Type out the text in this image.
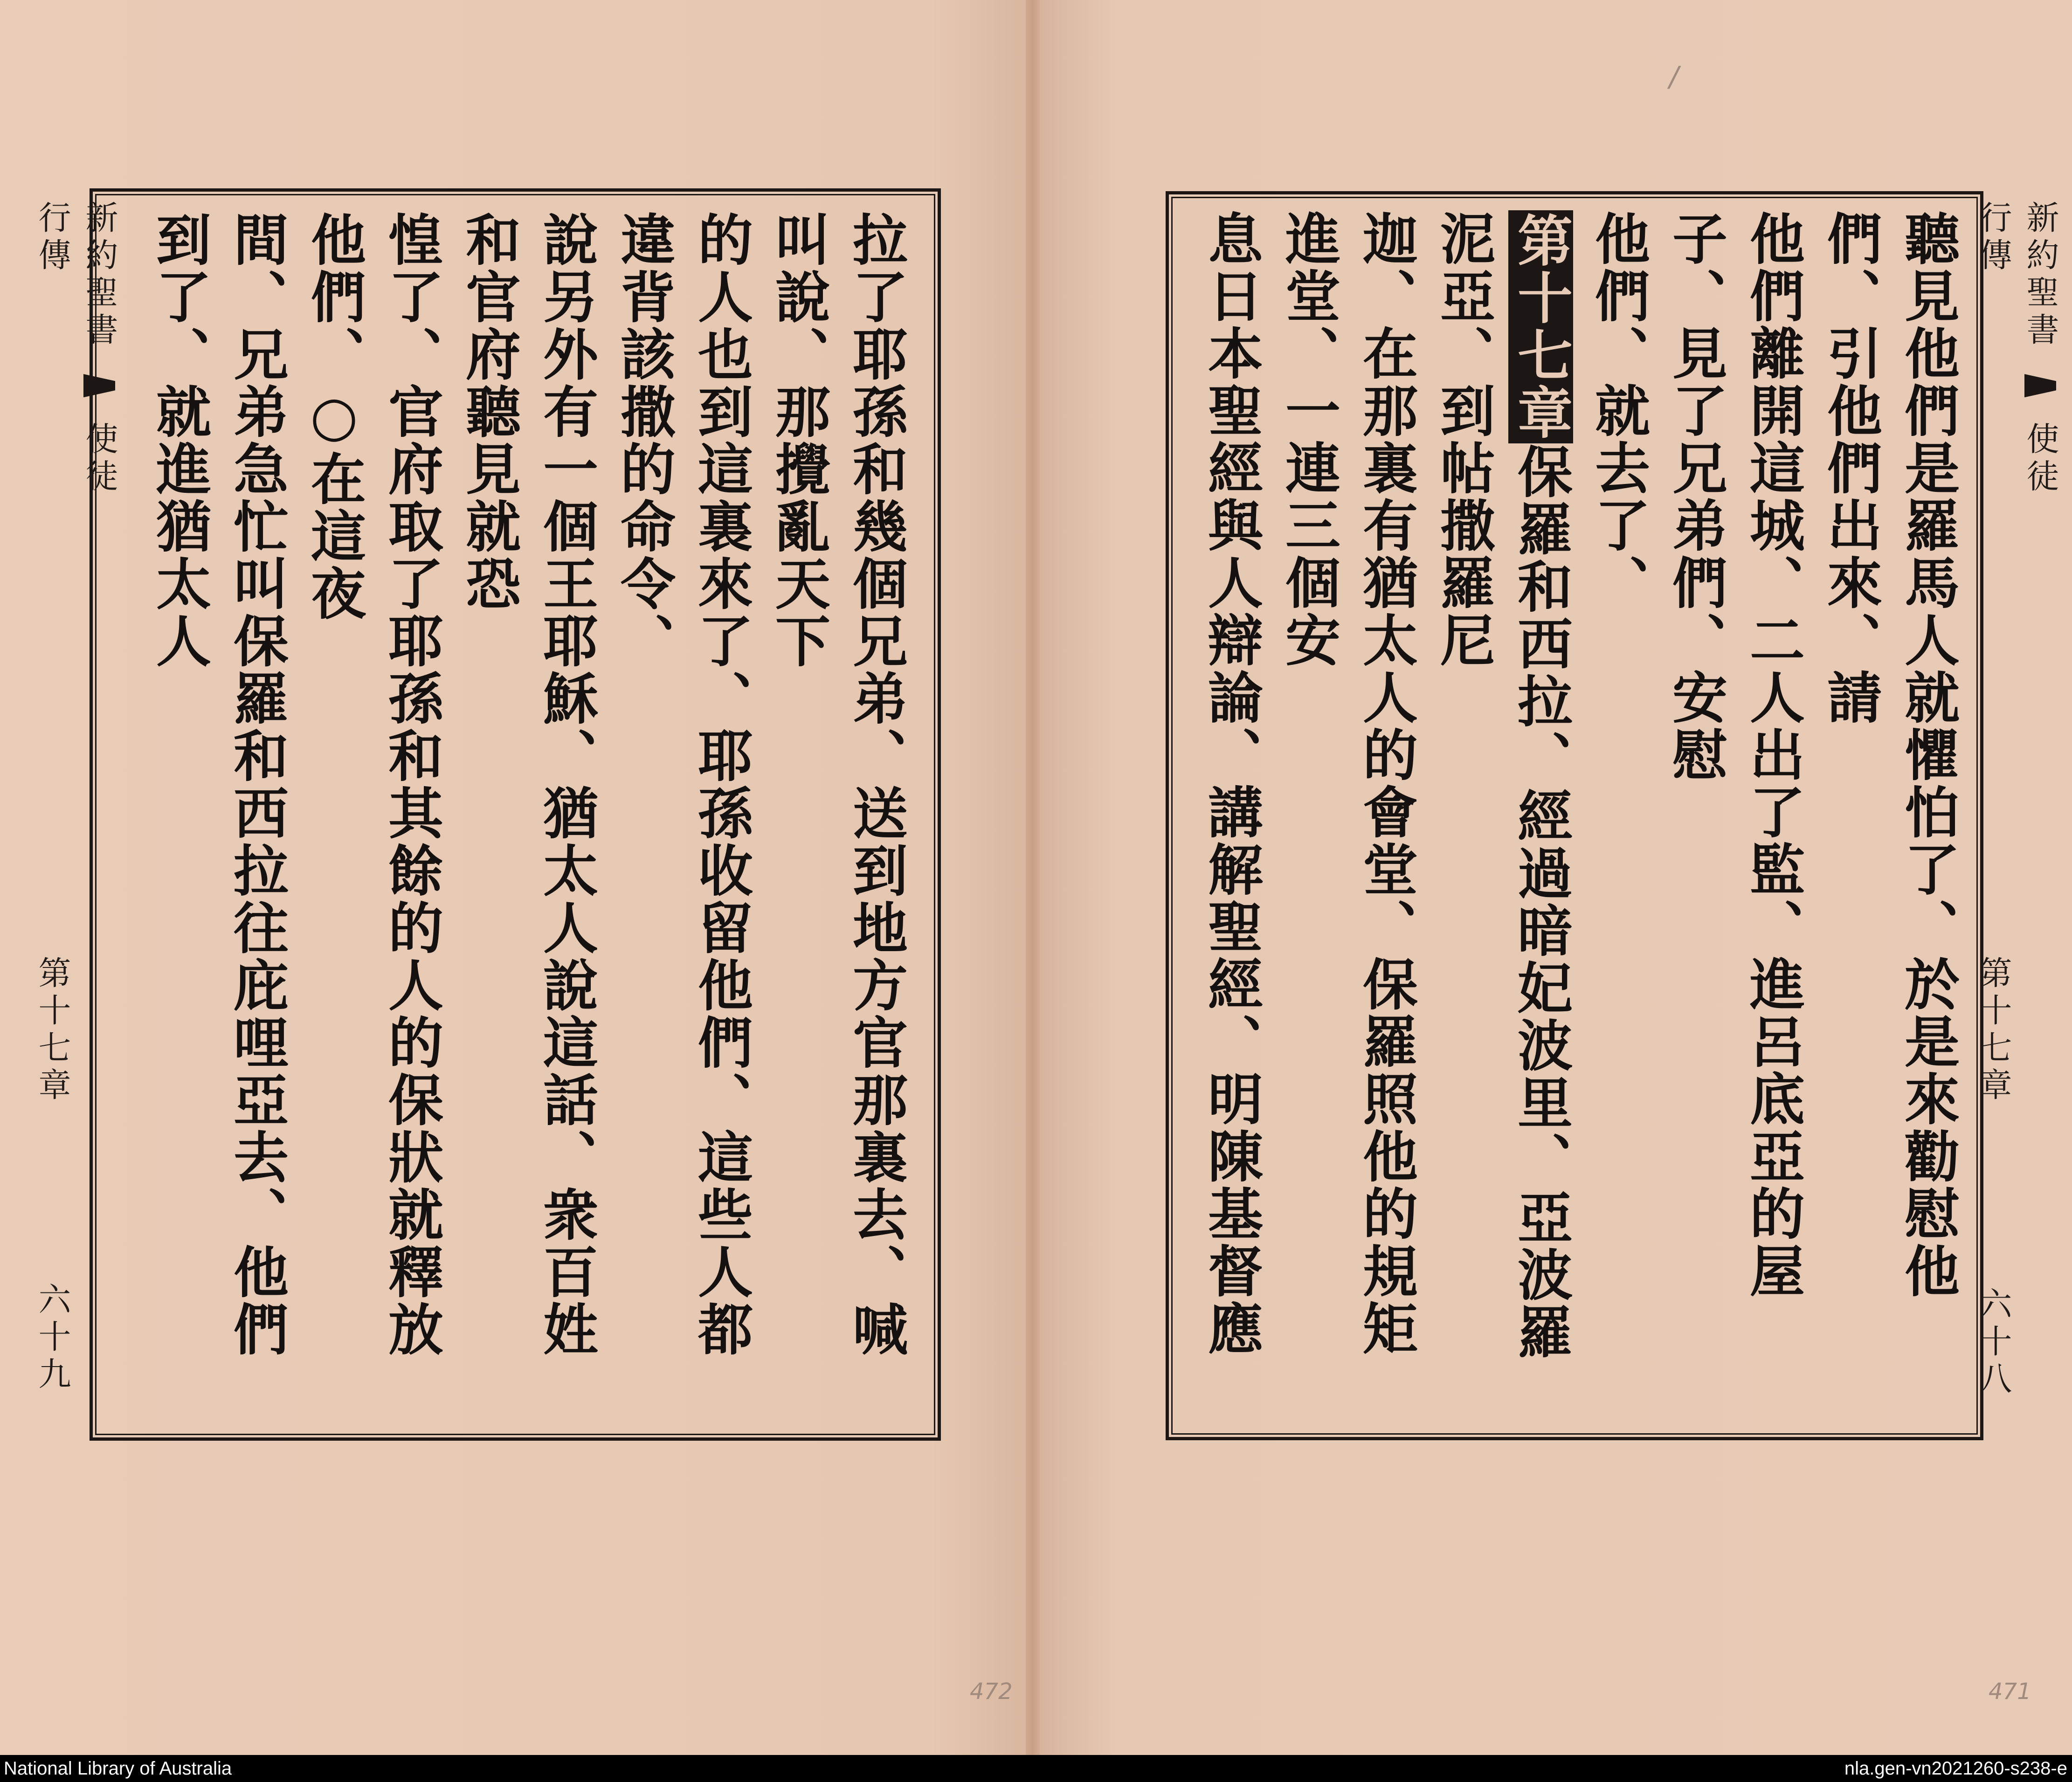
拉了耶孫和幾個兄弟、送到地方官那裏去、喊叫說、那攪亂天下
的人也到這裏來了、耶孫收留他們、這些人都違背該撒的命令、
說另外有一個王耶穌、猶太人說這話、衆百姓和官府聽見就恐
惶了、官府取了耶孫和其餘的人的保狀就釋放他們、○在這夜
間、兄弟急忙叫保羅和西拉往庇哩亞去、他們到了、就進猶太人
新約聖書  使徒行傳
第十七章
六十九
472
聽見他們是羅馬人就懼怕了、於是來勸慰他們、引他們出來、請
他們離開這城、二人出了監、進呂底亞的屋子、見了兄弟們、安慰
他們、就去了、
第十七章保羅和西拉、經過暗妃波里、亞波羅泥亞、到帖撒羅尼
迦、在那裏有猶太人的會堂、保羅照他的規矩進堂、一連三個安
息日本聖經與人辯論、講解聖經、明陳基督應
新約聖書  使徒行傳
第十七章
六十八
471
/
National Library of Australia	nla.gen-vn2021260-s238-e
